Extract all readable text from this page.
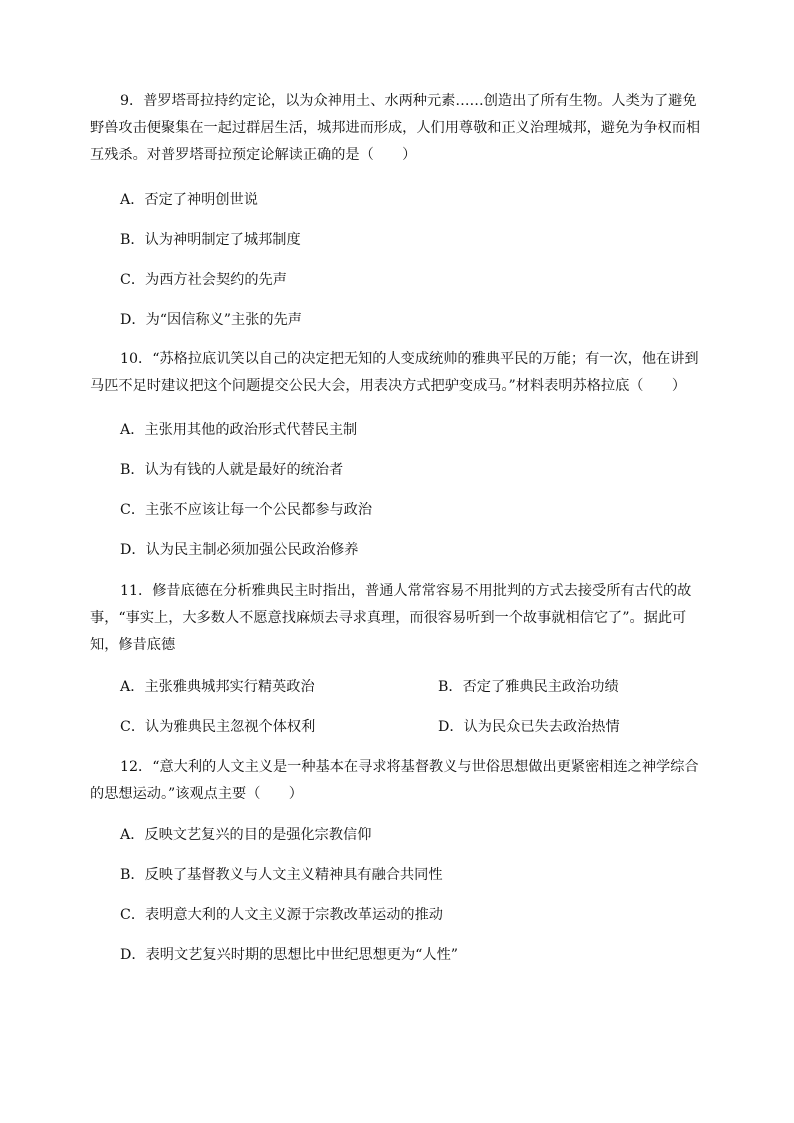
9．普罗塔哥拉持约定论，以为众神用土、水两种元素……创造出了所有生物。人类为了避免野兽攻击便聚集在一起过群居生活，城邦进而形成，人们用尊敬和正义治理城邦，避免为争权而相互残杀。对普罗塔哥拉预定论解读正确的是（　　）

A．否定了神明创世说
B．认为神明制定了城邦制度
C．为西方社会契约的先声
D．为“因信称义”主张的先声

10．“苏格拉底讥笑以自己的决定把无知的人变成统帅的雅典平民的万能；有一次，他在讲到马匹不足时建议把这个问题提交公民大会，用表决方式把驴变成马。”材料表明苏格拉底（　　）

A．主张用其他的政治形式代替民主制
B．认为有钱的人就是最好的统治者
C．主张不应该让每一个公民都参与政治
D．认为民主制必须加强公民政治修养

11．修昔底德在分析雅典民主时指出，普通人常常容易不用批判的方式去接受所有古代的故事，“事实上，大多数人不愿意找麻烦去寻求真理，而很容易听到一个故事就相信它了”。据此可知，修昔底德

A．主张雅典城邦实行精英政治	B．否定了雅典民主政治功绩
C．认为雅典民主忽视个体权利	D．认为民众已失去政治热情

12．“意大利的人文主义是一种基本在寻求将基督教义与世俗思想做出更紧密相连之神学综合的思想运动。”该观点主要（　　）

A．反映文艺复兴的目的是强化宗教信仰
B．反映了基督教义与人文主义精神具有融合共同性
C．表明意大利的人文主义源于宗教改革运动的推动
D．表明文艺复兴时期的思想比中世纪思想更为“人性”
